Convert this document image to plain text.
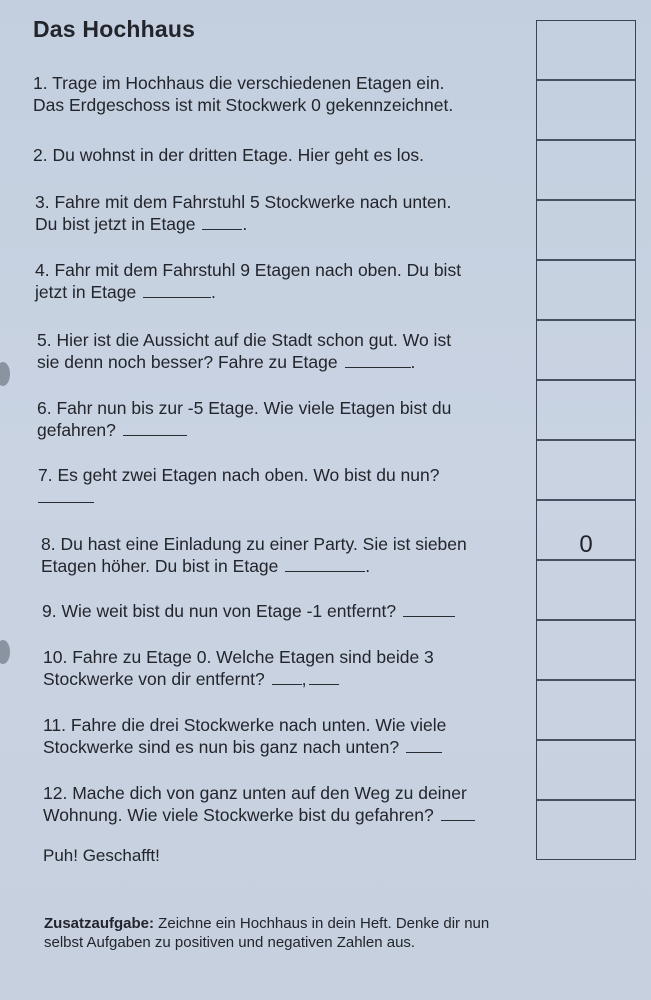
Das Hochhaus
1. Trage im Hochhaus die verschiedenen Etagen ein.
Das Erdgeschoss ist mit Stockwerk 0 gekennzeichnet.
2. Du wohnst in der dritten Etage. Hier geht es los.
3. Fahre mit dem Fahrstuhl 5 Stockwerke nach unten.
Du bist jetzt in Etage	.
4. Fahr mit dem Fahrstuhl 9 Etagen nach oben. Du bist
jetzt in Etage	.
5. Hier ist die Aussicht auf die Stadt schon gut. Wo ist
sie denn noch besser? Fahre zu Etage	.
6. Fahr nun bis zur -5 Etage. Wie viele Etagen bist du
gefahren?
7. Es geht zwei Etagen nach oben. Wo bist du nun?
8. Du hast eine Einladung zu einer Party. Sie ist sieben
Etagen höher. Du bist in Etage	.
9. Wie weit bist du nun von Etage -1 entfernt?
10. Fahre zu Etage 0. Welche Etagen sind beide 3
Stockwerke von dir entfernt? ,
11. Fahre die drei Stockwerke nach unten. Wie viele
Stockwerke sind es nun bis ganz nach unten?
12. Mache dich von ganz unten auf den Weg zu deiner
Wohnung. Wie viele Stockwerke bist du gefahren?
Puh! Geschafft!
Zusatzaufgabe: Zeichne ein Hochhaus in dein Heft. Denke dir nun
selbst Aufgaben zu positiven und negativen Zahlen aus.
0
